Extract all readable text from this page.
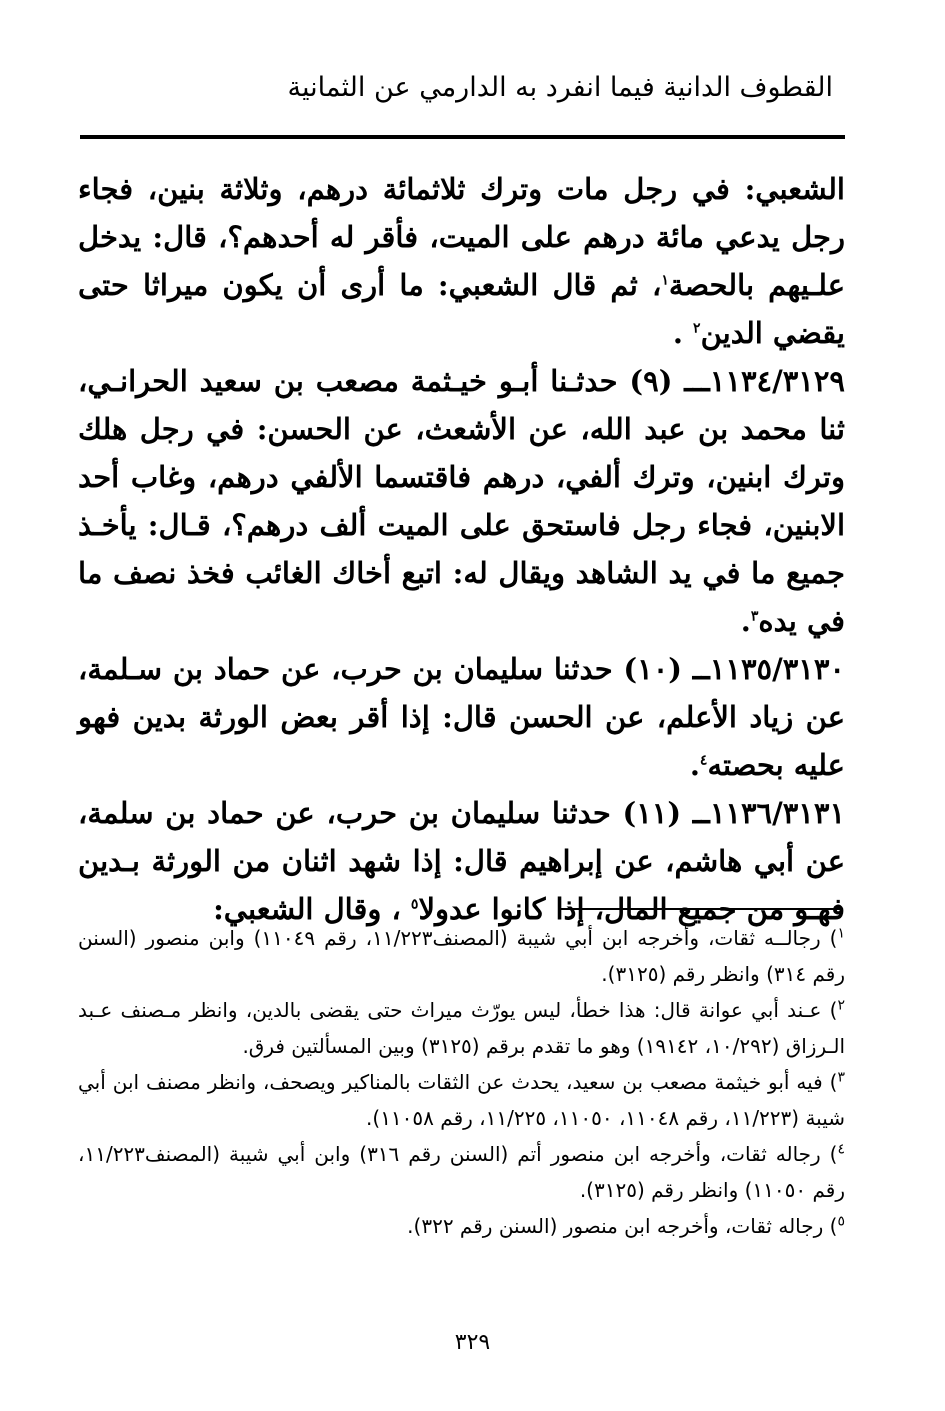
القطوف الدانية فيما انفرد به الدارمي عن الثمانية

الشعبي: في رجل مات وترك ثلاثمائة درهم، وثلاثة بنين، فجاء رجل يدعي مائة درهم على الميت، فأقر له أحدهم؟، قال: يدخل علـيهم بالحصة$^١$، ثم قال الشعبي: ما أرى أن يكون ميراثا حتى يقضي الدين$^٢$ .

١١٣٤/٣١٢٩ـــ (٩) حدثـنا أبـو خيـثمة مصعب بن سعيد الحرانـي، ثنا محمد بن عبد الله، عن الأشعث، عن الحسن: في رجل هلك وترك ابنين، وترك ألفي، درهم فاقتسما الألفي درهم، وغاب أحد الابنين، فجاء رجل فاستحق على الميت ألف درهم؟، قـال: يأخـذ جميع ما في يد الشاهد ويقال له: اتبع أخاك الغائب فخذ نصف ما في يده$^٣$.

١١٣٥/٣١٣٠ــ (١٠) حدثنا سليمان بن حرب، عن حماد بن سـلمة، عن زياد الأعلم، عن الحسن قال: إذا أقر بعض الورثة بدين فهو عليه بحصته$^٤$.

١١٣٦/٣١٣١ــ (١١) حدثنا سليمان بن حرب، عن حماد بن سلمة، عن أبي هاشم، عن إبراهيم قال: إذا شهد اثنان من الورثة بـدين فهـو من جميع المال، إذا كانوا عدولا$^٥$ ، وقال الشعبي:

$^١$) رجالــه ثقات، وأخرجه ابن أبي شيبة (المصنف١١/٢٢٣، رقم ١١٠٤٩) وابن منصور (السنن رقم ٣١٤) وانظر رقم (٣١٢٥).

$^٢$) عـند أبي عوانة قال: هذا خطأ، ليس يورّث ميراث حتى يقضى بالدين، وانظر مـصنف عـبد الـرزاق (١٠/٢٩٢، ١٩١٤٢) وهو ما تقدم برقم (٣١٢٥) وبين المسألتين فرق.

$^٣$) فيه أبو خيثمة مصعب بن سعيد، يحدث عن الثقات بالمناكير ويصحف، وانظر مصنف ابن أبي شيبة (١١/٢٢٣، رقم ١١٠٤٨، ١١٠٥٠، ١١/٢٢٥، رقم ١١٠٥٨).

$^٤$) رجاله ثقات، وأخرجه ابن منصور أتم (السنن رقم ٣١٦) وابن أبي شيبة (المصنف١١/٢٢٣، رقم ١١٠٥٠) وانظر رقم (٣١٢٥).

$^٥$) رجاله ثقات، وأخرجه ابن منصور (السنن رقم ٣٢٢).

٣٢٩
